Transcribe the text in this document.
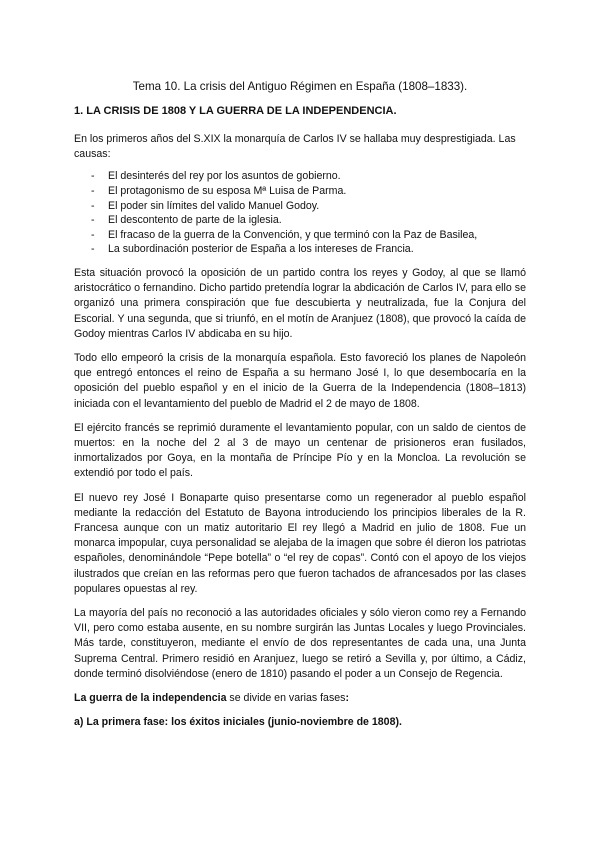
Tema 10. La crisis del Antiguo Régimen en España (1808–1833).
1. LA CRISIS DE 1808 Y LA GUERRA DE LA INDEPENDENCIA.

En los primeros años del S.XIX la monarquía de Carlos IV se hallaba muy desprestigiada. Las causas:

- El desinterés del rey por los asuntos de gobierno.
- El protagonismo de su esposa Mª Luisa de Parma.
- El poder sin límites del valido Manuel Godoy.
- El descontento de parte de la iglesia.
- El fracaso de la guerra de la Convención, y que terminó con la Paz de Basilea,
- La subordinación posterior de España a los intereses de Francia.

Esta situación provocó la oposición de un partido contra los reyes y Godoy, al que se llamó aristocrático o fernandino. Dicho partido pretendía lograr la abdicación de Carlos IV, para ello se organizó una primera conspiración que fue descubierta y neutralizada, fue la Conjura del Escorial. Y una segunda, que si triunfó, en el motín de Aranjuez (1808), que provocó la caída de Godoy mientras Carlos IV abdicaba en su hijo.

Todo ello empeoró la crisis de la monarquía española. Esto favoreció los planes de Napoleón que entregó entonces el reino de España a su hermano José I, lo que desembocaría en la oposición del pueblo español y en el inicio de la Guerra de la Independencia (1808–1813) iniciada con el levantamiento del pueblo de Madrid el 2 de mayo de 1808.

El ejército francés se reprimió duramente el levantamiento popular, con un saldo de cientos de muertos: en la noche del 2 al 3 de mayo un centenar de prisioneros eran fusilados, inmortalizados por Goya, en la montaña de Príncipe Pío y en la Moncloa. La revolución se extendió por todo el país.

El nuevo rey José I Bonaparte quiso presentarse como un regenerador al pueblo español mediante la redacción del Estatuto de Bayona introduciendo los principios liberales de la R. Francesa aunque con un matiz autoritario El rey llegó a Madrid en julio de 1808. Fue un monarca impopular, cuya personalidad se alejaba de la imagen que sobre él dieron los patriotas españoles, denominándole “Pepe botella” o “el rey de copas”. Contó con el apoyo de los viejos ilustrados que creían en las reformas pero que fueron tachados de afrancesados por las clases populares opuestas al rey.

La mayoría del país no reconoció a las autoridades oficiales y sólo vieron como rey a Fernando VII, pero como estaba ausente, en su nombre surgirán las Juntas Locales y luego Provinciales. Más tarde, constituyeron, mediante el envío de dos representantes de cada una, una Junta Suprema Central. Primero residió en Aranjuez, luego se retiró a Sevilla y, por último, a Cádiz, donde terminó disolviéndose (enero de 1810) pasando el poder a un Consejo de Regencia.

La guerra de la independencia se divide en varias fases:

a) La primera fase: los éxitos iniciales (junio-noviembre de 1808).
